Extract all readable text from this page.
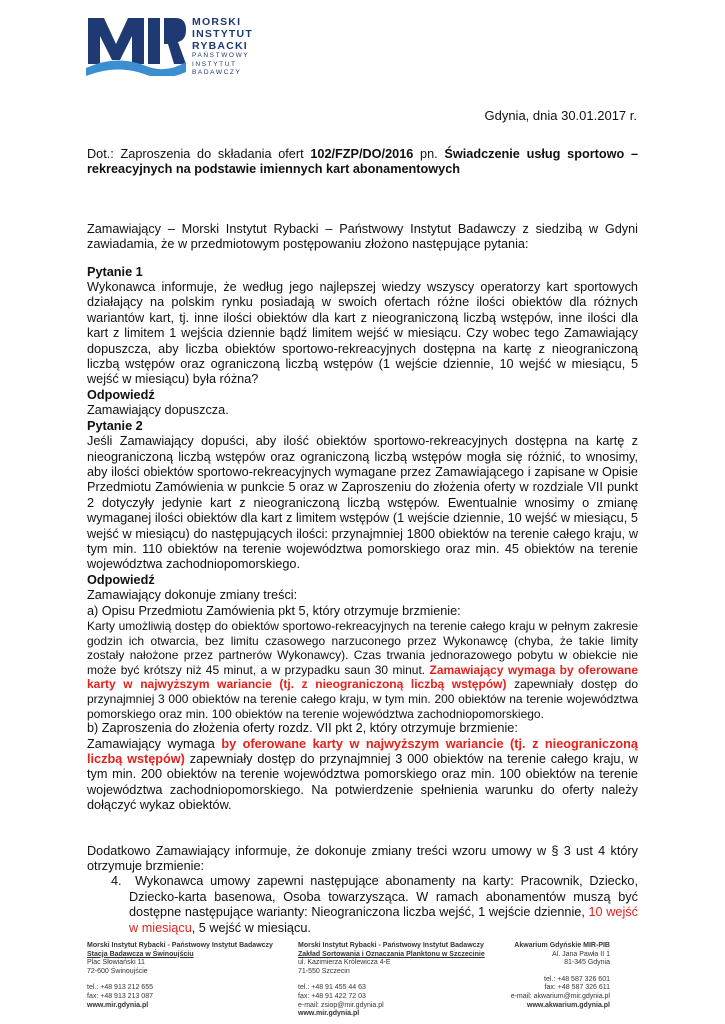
MORSKI
INSTYTUT
RYBACKI
PAŃSTWOWY
INSTYTUT
BADAWCZY
Gdynia, dnia 30.01.2017 r.

Dot.: Zaproszenia do składania ofert 102/FZP/DO/2016 pn. Świadczenie usług sportowo – rekreacyjnych na podstawie imiennych kart abonamentowych

Zamawiający – Morski Instytut Rybacki – Państwowy Instytut Badawczy z siedzibą w Gdyni zawiadamia, że w przedmiotowym postępowaniu złożono następujące pytania:

Pytanie 1

Wykonawca informuje, że według jego najlepszej wiedzy wszyscy operatorzy kart sportowych działający na polskim rynku posiadają w swoich ofertach różne ilości obiektów dla różnych wariantów kart, tj. inne ilości obiektów dla kart z nieograniczoną liczbą wstępów, inne ilości dla kart z limitem 1 wejścia dziennie bądź limitem wejść w miesiącu. Czy wobec tego Zamawiający dopuszcza, aby liczba obiektów sportowo-rekreacyjnych dostępna na kartę z nieograniczoną liczbą wstępów oraz ograniczoną liczbą wstępów (1 wejście dziennie, 10 wejść w miesiącu, 5 wejść w miesiącu) była różna?

Odpowiedź

Zamawiający dopuszcza.

Pytanie 2

Jeśli Zamawiający dopuści, aby ilość obiektów sportowo-rekreacyjnych dostępna na kartę z nieograniczoną liczbą wstępów oraz ograniczoną liczbą wstępów mogła się różnić, to wnosimy, aby ilości obiektów sportowo-rekreacyjnych wymagane przez Zamawiającego i zapisane w Opisie Przedmiotu Zamówienia w punkcie 5 oraz w Zaproszeniu do złożenia oferty w rozdziale VII punkt 2 dotyczyły jedynie kart z nieograniczoną liczbą wstępów. Ewentualnie wnosimy o zmianę wymaganej ilości obiektów dla kart z limitem wstępów (1 wejście dziennie, 10 wejść w miesiącu, 5 wejść w miesiącu) do następujących ilości: przynajmniej 1800 obiektów na terenie całego kraju, w tym min. 110 obiektów na terenie województwa pomorskiego oraz min. 45 obiektów na terenie województwa zachodniopomorskiego.

Odpowiedź

Zamawiający dokonuje zmiany treści:

a) Opisu Przedmiotu Zamówienia pkt 5, który otrzymuje brzmienie:

Karty umożliwią dostęp do obiektów sportowo-rekreacyjnych na terenie całego kraju w pełnym zakresie godzin ich otwarcia, bez limitu czasowego narzuconego przez Wykonawcę (chyba, że takie limity zostały nałożone przez partnerów Wykonawcy). Czas trwania jednorazowego pobytu w obiekcie nie może być krótszy niż 45 minut, a w przypadku saun 30 minut. Zamawiający wymaga by oferowane karty w najwyższym wariancie (tj. z nieograniczoną liczbą wstępów) zapewniały dostęp do przynajmniej 3 000 obiektów na terenie całego kraju, w tym min. 200 obiektów na terenie województwa pomorskiego oraz min. 100 obiektów na terenie województwa zachodniopomorskiego.

b) Zaproszenia do złożenia oferty rozdz. VII pkt 2, który otrzymuje brzmienie:

Zamawiający wymaga by oferowane karty w najwyższym wariancie (tj. z nieograniczoną liczbą wstępów) zapewniały dostęp do przynajmniej 3 000 obiektów na terenie całego kraju, w tym min. 200 obiektów na terenie województwa pomorskiego oraz min. 100 obiektów na terenie województwa zachodniopomorskiego. Na potwierdzenie spełnienia warunku do oferty należy dołączyć wykaz obiektów.

Dodatkowo Zamawiający informuje, że dokonuje zmiany treści wzoru umowy w § 3 ust 4 który otrzymuje brzmienie:

4. Wykonawca umowy zapewni następujące abonamenty na karty: Pracownik, Dziecko, Dziecko-karta basenowa, Osoba towarzysząca. W ramach abonamentów muszą być dostępne następujące warianty: Nieograniczona liczba wejść, 1 wejście dziennie, 10 wejść w miesiącu, 5 wejść w miesiącu.

Morski Instytut Rybacki - Państwowy Instytut Badawczy
Stacja Badawcza w Świnoujściu
Plac Słowiański 11
72-600 Świnoujście
tel.: +48 913 212 655
fax: +48 913 213 087
www.mir.gdynia.pl
Morski Instytut Rybacki - Państwowy Instytut Badawczy
Zakład Sortowania i Oznaczania Planktonu w Szczecinie
ul. Kazimierza Królewicza 4-E
71-550 Szczecin
tel.: +48 91 455 44 63
fax: +48 91 422 72 03
e-mail: zsiop@mir.gdynia.pl
www.mir.gdynia.pl
Akwarium Gdyńskie MIR-PIB
Al. Jana Pawła II 1
81-345 Gdynia
tel.: +48 587 326 601
fax: +48 587 326 611
e-mail: akwarium@mir.gdynia.pl
www.akwarium.gdynia.pl
